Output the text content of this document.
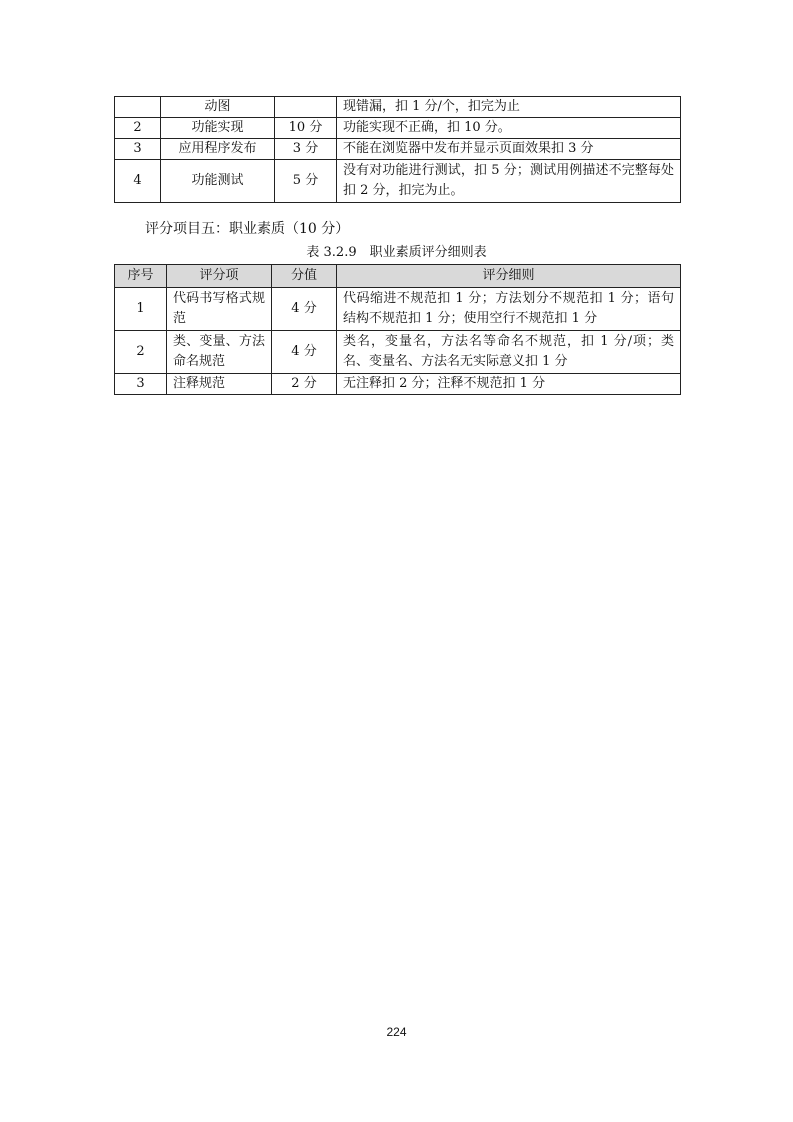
	动图		现错漏，扣 1 分/个，扣完为止
2	功能实现	10 分	功能实现不正确，扣 10 分。
3	应用程序发布	3 分	不能在浏览器中发布并显示页面效果扣 3 分
4	功能测试	5 分	没有对功能进行测试，扣 5 分；测试用例描述不完整每处扣 2 分，扣完为止。
评分项目五：职业素质（10 分）
表 3.2.9　职业素质评分细则表
序号	评分项	分值	评分细则
1	代码书写格式规范	4 分	代码缩进不规范扣 1 分；方法划分不规范扣 1 分；语句结构不规范扣 1 分；使用空行不规范扣 1 分
2	类、变量、方法命名规范	4 分	类名，变量名，方法名等命名不规范，扣 1 分/项；类名、变量名、方法名无实际意义扣 1 分
3	注释规范	2 分	无注释扣 2 分；注释不规范扣 1 分
224
